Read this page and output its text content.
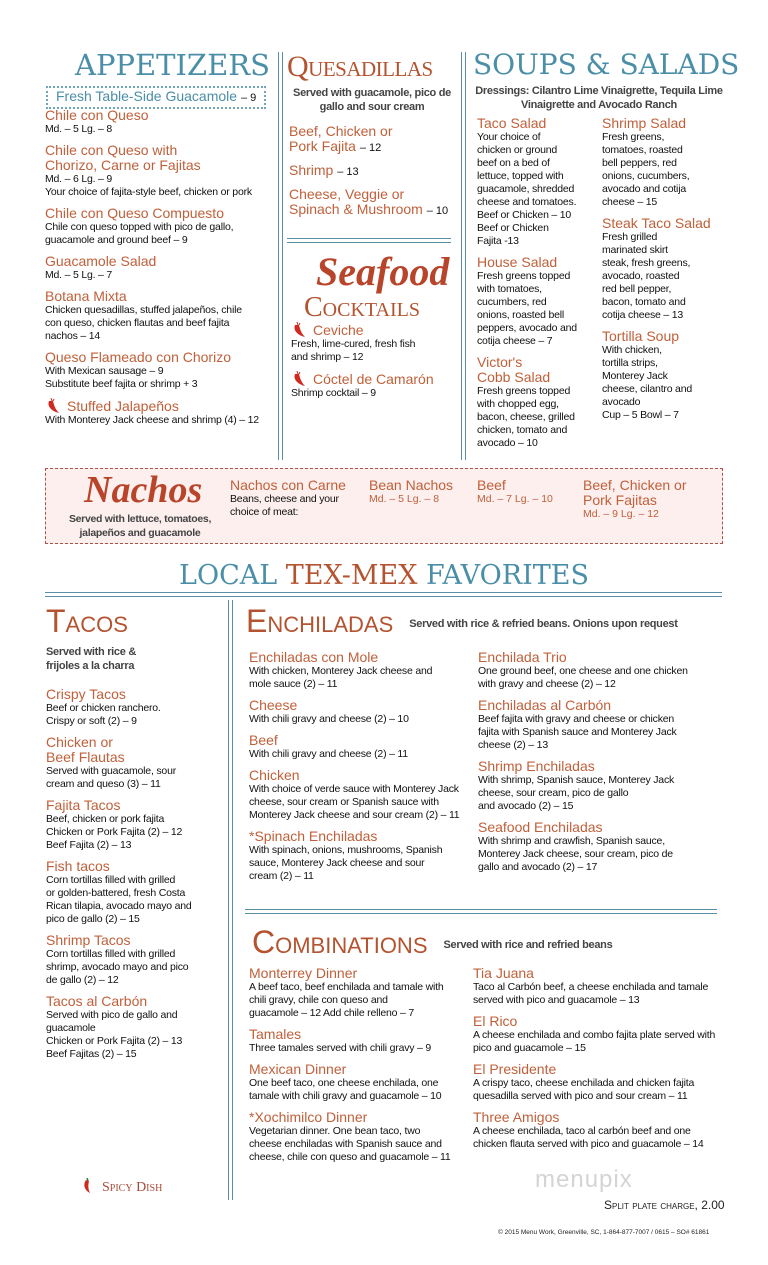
APPETIZERS
Fresh Table-Side Guacamole – 9
Chile con Queso
Md. – 5 Lg. – 8
Chile con Queso with
Chorizo, Carne or Fajitas
Md. – 6 Lg. – 9
Your choice of fajita-style beef, chicken or pork
Chile con Queso Compuesto
Chile con queso topped with pico de gallo,
guacamole and ground beef – 9
Guacamole Salad
Md. – 5 Lg. – 7
Botana Mixta
Chicken quesadillas, stuffed jalapeños, chile
con queso, chicken flautas and beef fajita
nachos – 14
Queso Flameado con Chorizo
With Mexican sausage – 9
Substitute beef fajita or shrimp + 3
Stuffed Jalapeños
With Monterey Jack cheese and shrimp (4) – 12
Quesadillas
Served with guacamole, pico de gallo and sour cream
Beef, Chicken or
Pork Fajita – 12
Shrimp – 13
Cheese, Veggie or
Spinach & Mushroom – 10
Seafood
Cocktails
Ceviche
Fresh, lime-cured, fresh fish
and shrimp – 12
Cóctel de Camarón
Shrimp cocktail – 9
SOUPS & SALADS
Dressings: Cilantro Lime Vinaigrette, Tequila Lime Vinaigrette and Avocado Ranch
Taco Salad
Your choice of
chicken or ground
beef on a bed of
lettuce, topped with
guacamole, shredded
cheese and tomatoes.
Beef or Chicken – 10
Beef or Chicken
Fajita -13
House Salad
Fresh greens topped
with tomatoes,
cucumbers, red
onions, roasted bell
peppers, avocado and
cotija cheese – 7
Victor's
Cobb Salad
Fresh greens topped
with chopped egg,
bacon, cheese, grilled
chicken, tomato and
avocado – 10
Shrimp Salad
Fresh greens,
tomatoes, roasted
bell peppers, red
onions, cucumbers,
avocado and cotija
cheese – 15
Steak Taco Salad
Fresh grilled
marinated skirt
steak, fresh greens,
avocado, roasted
red bell pepper,
bacon, tomato and
cotija cheese – 13
Tortilla Soup
With chicken,
tortilla strips,
Monterey Jack
cheese, cilantro and
avocado
Cup – 5 Bowl – 7
Nachos
Served with lettuce, tomatoes, jalapeños and guacamole
Nachos con Carne
Beans, cheese and your
choice of meat:
Bean Nachos
Md. – 5 Lg. – 8
Beef
Md. – 7 Lg. – 10
Beef, Chicken or
Pork Fajitas
Md. – 9 Lg. – 12
LOCAL TEX-MEX FAVORITES
Tacos
Served with rice & frijoles a la charra
Crispy Tacos
Beef or chicken ranchero.
Crispy or soft (2) – 9
Chicken or
Beef Flautas
Served with guacamole, sour
cream and queso (3) – 11
Fajita Tacos
Beef, chicken or pork fajita
Chicken or Pork Fajita (2) – 12
Beef Fajita (2) – 13
Fish tacos
Corn tortillas filled with grilled
or golden-battered, fresh Costa
Rican tilapia, avocado mayo and
pico de gallo (2) – 15
Shrimp Tacos
Corn tortillas filled with grilled
shrimp, avocado mayo and pico
de gallo (2) – 12
Tacos al Carbón
Served with pico de gallo and
guacamole
Chicken or Pork Fajita (2) – 13
Beef Fajitas (2) – 15
Enchiladas Served with rice & refried beans. Onions upon request
Enchiladas con Mole
With chicken, Monterey Jack cheese and
mole sauce (2) – 11
Cheese
With chili gravy and cheese (2) – 10
Beef
With chili gravy and cheese (2) – 11
Chicken
With choice of verde sauce with Monterey Jack
cheese, sour cream or Spanish sauce with
Monterey Jack cheese and sour cream (2) – 11
*Spinach Enchiladas
With spinach, onions, mushrooms, Spanish
sauce, Monterey Jack cheese and sour
cream (2) – 11
Enchilada Trio
One ground beef, one cheese and one chicken
with gravy and cheese (2) – 12
Enchiladas al Carbón
Beef fajita with gravy and cheese or chicken
fajita with Spanish sauce and Monterey Jack
cheese (2) – 13
Shrimp Enchiladas
With shrimp, Spanish sauce, Monterey Jack
cheese, sour cream, pico de gallo
and avocado (2) – 15
Seafood Enchiladas
With shrimp and crawfish, Spanish sauce,
Monterey Jack cheese, sour cream, pico de
gallo and avocado (2) – 17
Combinations Served with rice and refried beans
Monterrey Dinner
A beef taco, beef enchilada and tamale with
chili gravy, chile con queso and
guacamole – 12 Add chile relleno – 7
Tamales
Three tamales served with chili gravy – 9
Mexican Dinner
One beef taco, one cheese enchilada, one
tamale with chili gravy and guacamole – 10
*Xochimilco Dinner
Vegetarian dinner. One bean taco, two
cheese enchiladas with Spanish sauce and
cheese, chile con queso and guacamole – 11
Tia Juana
Taco al Carbón beef, a cheese enchilada and tamale
served with pico and guacamole – 13
El Rico
A cheese enchilada and combo fajita plate served with
pico and guacamole – 15
El Presidente
A crispy taco, cheese enchilada and chicken fajita
quesadilla served with pico and sour cream – 11
Three Amigos
A cheese enchilada, taco al carbón beef and one
chicken flauta served with pico and guacamole – 14
Spicy Dish	menupix
Split plate charge, 2.00
© 2015 Menu Work, Greenville, SC, 1-864-877-7007 / 0615 – SO# 61861
